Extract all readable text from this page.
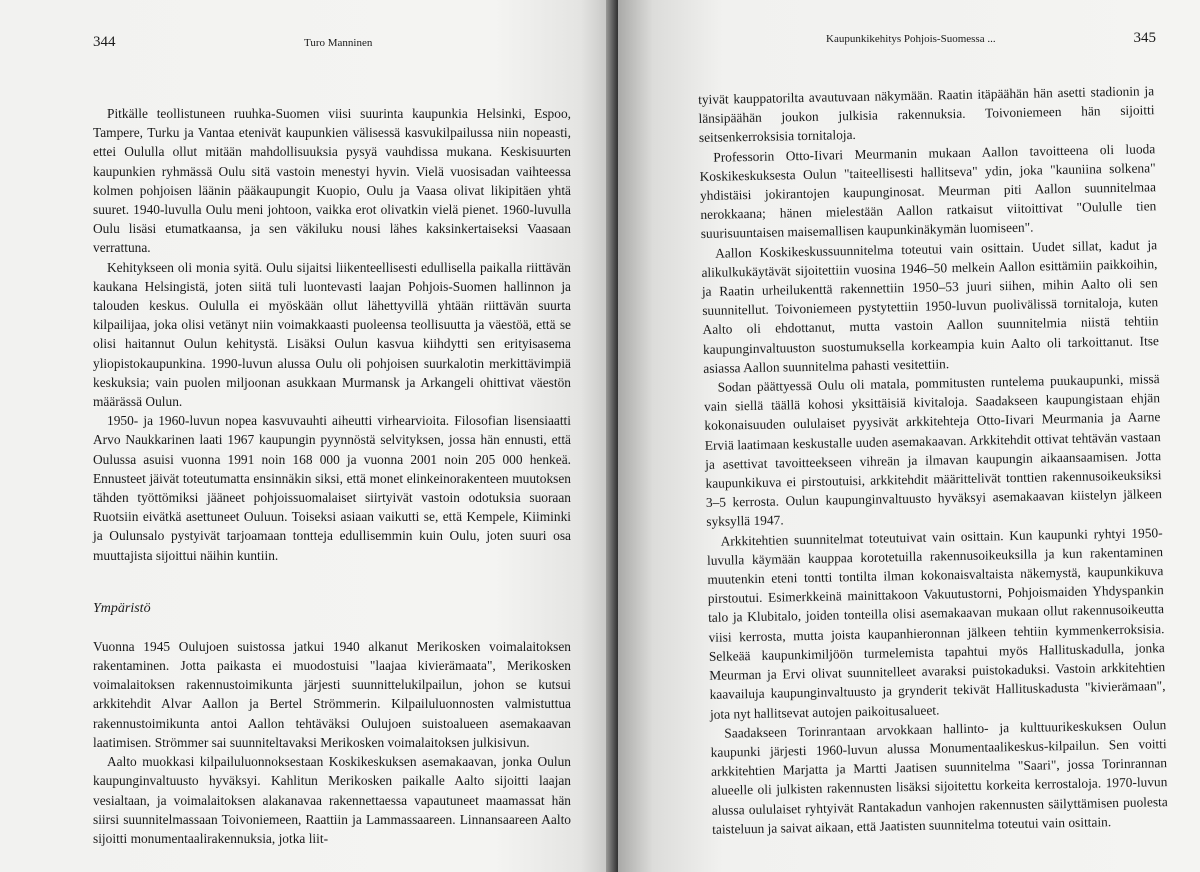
344	Turo Manninen

Pitkälle teollistuneen ruuhka-Suomen viisi suurinta kaupunkia Helsinki, Espoo, Tampere, Turku ja Vantaa etenivät kaupunkien välisessä kasvukilpailussa niin nopeasti, ettei Oululla ollut mitään mahdollisuuksia pysyä vauhdissa mukana. Keskisuurten kaupunkien ryhmässä Oulu sitä vastoin menestyi hyvin. Vielä vuosisadan vaihteessa kolmen pohjoisen läänin pääkaupungit Kuopio, Oulu ja Vaasa olivat likipitäen yhtä suuret. 1940-luvulla Oulu meni johtoon, vaikka erot olivatkin vielä pienet. 1960-luvulla Oulu lisäsi etumatkaansa, ja sen väkiluku nousi lähes kaksinkertaiseksi Vaasaan verrattuna.

Kehitykseen oli monia syitä. Oulu sijaitsi liikenteellisesti edullisella paikalla riittävän kaukana Helsingistä, joten siitä tuli luontevasti laajan Pohjois-Suomen hallinnon ja talouden keskus. Oululla ei myöskään ollut lähettyvillä yhtään riittävän suurta kilpailijaa, joka olisi vetänyt niin voimakkaasti puoleensa teollisuutta ja väestöä, että se olisi haitannut Oulun kehitystä. Lisäksi Oulun kasvua kiihdytti sen erityisasema yliopistokaupunkina. 1990-luvun alussa Oulu oli pohjoisen suurkalotin merkittävimpiä keskuksia; vain puolen miljoonan asukkaan Murmansk ja Arkangeli ohittivat väestön määrässä Oulun.

1950- ja 1960-luvun nopea kasvuvauhti aiheutti virhearvioita. Filosofian lisensiaatti Arvo Naukkarinen laati 1967 kaupungin pyynnöstä selvityksen, jossa hän ennusti, että Oulussa asuisi vuonna 1991 noin 168 000 ja vuonna 2001 noin 205 000 henkeä. Ennusteet jäivät toteutumatta ensinnäkin siksi, että monet elinkeinorakenteen muutoksen tähden työttömiksi jääneet pohjoissuomalaiset siirtyivät vastoin odotuksia suoraan Ruotsiin eivätkä asettuneet Ouluun. Toiseksi asiaan vaikutti se, että Kempele, Kiiminki ja Oulunsalo pystyivät tarjoamaan tontteja edullisemmin kuin Oulu, joten suuri osa muuttajista sijoittui näihin kuntiin.

Ympäristö

Vuonna 1945 Oulujoen suistossa jatkui 1940 alkanut Merikosken voimalaitoksen rakentaminen. Jotta paikasta ei muodostuisi "laajaa kivierämaata", Merikosken voimalaitoksen rakennustoimikunta järjesti suunnittelukilpailun, johon se kutsui arkkitehdit Alvar Aallon ja Bertel Strömmerin. Kilpailuluonnosten valmistuttua rakennustoimikunta antoi Aallon tehtäväksi Oulujoen suistoalueen asemakaavan laatimisen. Strömmer sai suunniteltavaksi Merikosken voimalaitoksen julkisivun.

Aalto muokkasi kilpailuluonnoksestaan Koskikeskuksen asemakaavan, jonka Oulun kaupunginvaltuusto hyväksyi. Kahlitun Merikosken paikalle Aalto sijoitti laajan vesialtaan, ja voimalaitoksen alakanavaa rakennettaessa vapautuneet maamassat hän siirsi suunnitelmassaan Toivoniemeen, Raattiin ja Lammassaareen. Linnansaareen Aalto sijoitti monumentaalirakennuksia, jotka liit-

Kaupunkikehitys Pohjois-Suomessa ...	345

tyivät kauppatorilta avautuvaan näkymään. Raatin itäpäähän hän asetti stadionin ja länsipäähän joukon julkisia rakennuksia. Toivoniemeen hän sijoitti seitsenkerroksisia tornitaloja.

Professorin Otto-Iivari Meurmanin mukaan Aallon tavoitteena oli luoda Koskikeskuksesta Oulun "taiteellisesti hallitseva" ydin, joka "kauniina solkena" yhdistäisi jokirantojen kaupunginosat. Meurman piti Aallon suunnitelmaa nerokkaana; hänen mielestään Aallon ratkaisut viitoittivat "Oululle tien suurisuuntaisen maisemallisen kaupunkinäkymän luomiseen".

Aallon Koskikeskussuunnitelma toteutui vain osittain. Uudet sillat, kadut ja alikulkukäytävät sijoitettiin vuosina 1946–50 melkein Aallon esittämiin paikkoihin, ja Raatin urheilukenttä rakennettiin 1950–53 juuri siihen, mihin Aalto oli sen suunnitellut. Toivoniemeen pystytettiin 1950-luvun puolivälissä tornitaloja, kuten Aalto oli ehdottanut, mutta vastoin Aallon suunnitelmia niistä tehtiin kaupunginvaltuuston suostumuksella korkeampia kuin Aalto oli tarkoittanut. Itse asiassa Aallon suunnitelma pahasti vesitettiin.

Sodan päättyessä Oulu oli matala, pommitusten runtelema puukaupunki, missä vain siellä täällä kohosi yksittäisiä kivitaloja. Saadakseen kaupungistaan ehjän kokonaisuuden oululaiset pyysivät arkkitehteja Otto-Iivari Meurmania ja Aarne Erviä laatimaan keskustalle uuden asemakaavan. Arkkitehdit ottivat tehtävän vastaan ja asettivat tavoitteekseen vihreän ja ilmavan kaupungin aikaansaamisen. Jotta kaupunkikuva ei pirstoutuisi, arkkitehdit määrittelivät tonttien rakennusoikeuksiksi 3–5 kerrosta. Oulun kaupunginvaltuusto hyväksyi asemakaavan kiistelyn jälkeen syksyllä 1947.

Arkkitehtien suunnitelmat toteutuivat vain osittain. Kun kaupunki ryhtyi 1950-luvulla käymään kauppaa korotetuilla rakennusoikeuksilla ja kun rakentaminen muutenkin eteni tontti tontilta ilman kokonaisvaltaista näkemystä, kaupunkikuva pirstoutui. Esimerkkeinä mainittakoon Vakuutustorni, Pohjoismaiden Yhdyspankin talo ja Klubitalo, joiden tonteilla olisi asemakaavan mukaan ollut rakennusoikeutta viisi kerrosta, mutta joista kaupanhieronnan jälkeen tehtiin kymmenkerroksisia. Selkeää kaupunkimiljöön turmelemista tapahtui myös Hallituskadulla, jonka Meurman ja Ervi olivat suunnitelleet avaraksi puistokaduksi. Vastoin arkkitehtien kaavailuja kaupunginvaltuusto ja grynderit tekivät Hallituskadusta "kivierämaan", jota nyt hallitsevat autojen paikoitusalueet.

Saadakseen Torinrantaan arvokkaan hallinto- ja kulttuurikeskuksen Oulun kaupunki järjesti 1960-luvun alussa Monumentaalikeskus-kilpailun. Sen voitti arkkitehtien Marjatta ja Martti Jaatisen suunnitelma "Saari", jossa Torinrannan alueelle oli julkisten rakennusten lisäksi sijoitettu korkeita kerrostaloja. 1970-luvun alussa oululaiset ryhtyivät Rantakadun vanhojen rakennusten säilyttämisen puolesta taisteluun ja saivat aikaan, että Jaatisten suunnitelma toteutui vain osittain.
